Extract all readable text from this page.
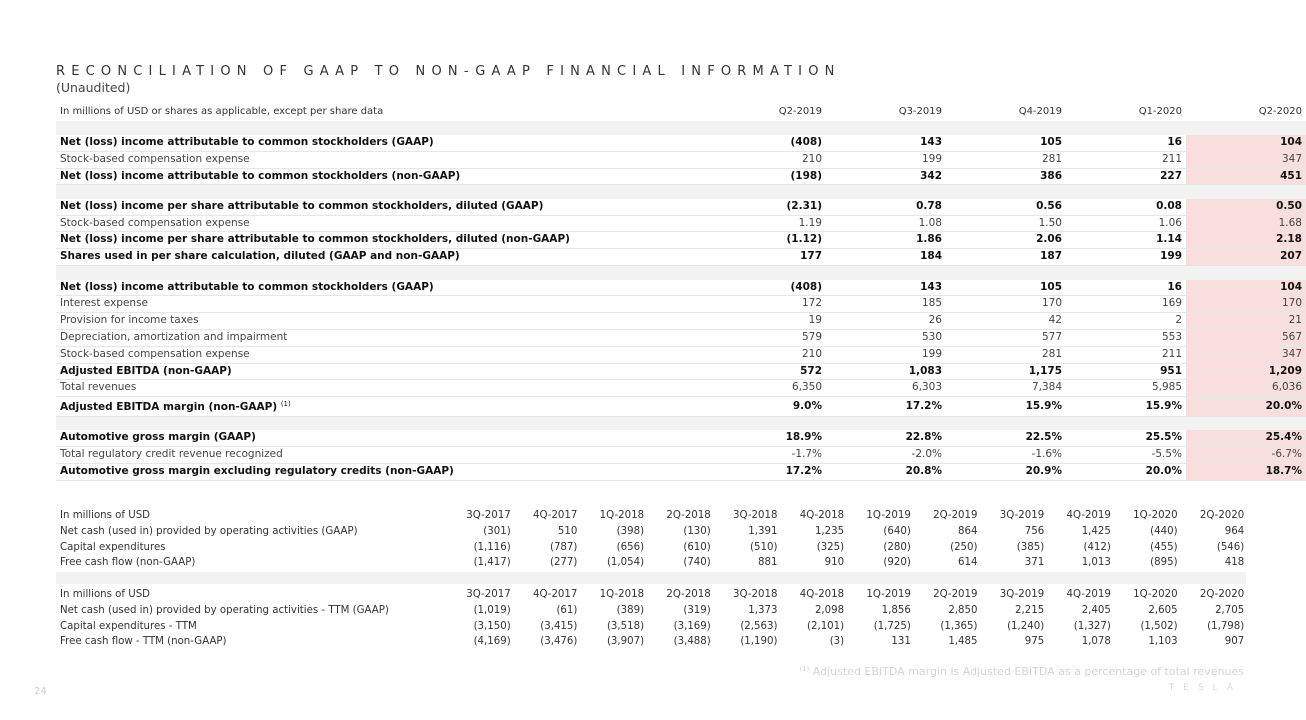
RECONCILIATION OF GAAP TO NON-GAAP FINANCIAL INFORMATION
(Unaudited)
In millions of USD or shares as applicable, except per share data	Q2-2019	Q3-2019	Q4-2019	Q1-2020	Q2-2020

Net (loss) income attributable to common stockholders (GAAP)	(408)	143	105	16	104
Stock-based compensation expense	210	199	281	211	347
Net (loss) income attributable to common stockholders (non-GAAP)	(198)	342	386	227	451

Net (loss) income per share attributable to common stockholders, diluted (GAAP)	(2.31)	0.78	0.56	0.08	0.50
Stock-based compensation expense	1.19	1.08	1.50	1.06	1.68
Net (loss) income per share attributable to common stockholders, diluted (non-GAAP)	(1.12)	1.86	2.06	1.14	2.18
Shares used in per share calculation, diluted (GAAP and non-GAAP)	177	184	187	199	207

Net (loss) income attributable to common stockholders (GAAP)	(408)	143	105	16	104
Interest expense	172	185	170	169	170
Provision for income taxes	19	26	42	2	21
Depreciation, amortization and impairment	579	530	577	553	567
Stock-based compensation expense	210	199	281	211	347
Adjusted EBITDA (non-GAAP)	572	1,083	1,175	951	1,209
Total revenues	6,350	6,303	7,384	5,985	6,036
Adjusted EBITDA margin (non-GAAP) $^{(1)}$	9.0%	17.2%	15.9%	15.9%	20.0%

Automotive gross margin (GAAP)	18.9%	22.8%	22.5%	25.5%	25.4%
Total regulatory credit revenue recognized	-1.7%	-2.0%	-1.6%	-5.5%	-6.7%
Automotive gross margin excluding regulatory credits (non-GAAP)	17.2%	20.8%	20.9%	20.0%	18.7%
In millions of USD	3Q-2017	4Q-2017	1Q-2018	2Q-2018	3Q-2018	4Q-2018	1Q-2019	2Q-2019	3Q-2019	4Q-2019	1Q-2020	2Q-2020
Net cash (used in) provided by operating activities (GAAP)	(301)	510	(398)	(130)	1,391	1,235	(640)	864	756	1,425	(440)	964
Capital expenditures	(1,116)	(787)	(656)	(610)	(510)	(325)	(280)	(250)	(385)	(412)	(455)	(546)
Free cash flow (non-GAAP)	(1,417)	(277)	(1,054)	(740)	881	910	(920)	614	371	1,013	(895)	418
In millions of USD	3Q-2017	4Q-2017	1Q-2018	2Q-2018	3Q-2018	4Q-2018	1Q-2019	2Q-2019	3Q-2019	4Q-2019	1Q-2020	2Q-2020
Net cash (used in) provided by operating activities - TTM (GAAP)	(1,019)	(61)	(389)	(319)	1,373	2,098	1,856	2,850	2,215	2,405	2,605	2,705
Capital expenditures - TTM	(3,150)	(3,415)	(3,518)	(3,169)	(2,563)	(2,101)	(1,725)	(1,365)	(1,240)	(1,327)	(1,502)	(1,798)
Free cash flow - TTM (non-GAAP)	(4,169)	(3,476)	(3,907)	(3,488)	(1,190)	(3)	131	1,485	975	1,078	1,103	907
$^{(1)}$ Adjusted EBITDA margin is Adjusted EBITDA as a percentage of total revenues
24	TESLA
